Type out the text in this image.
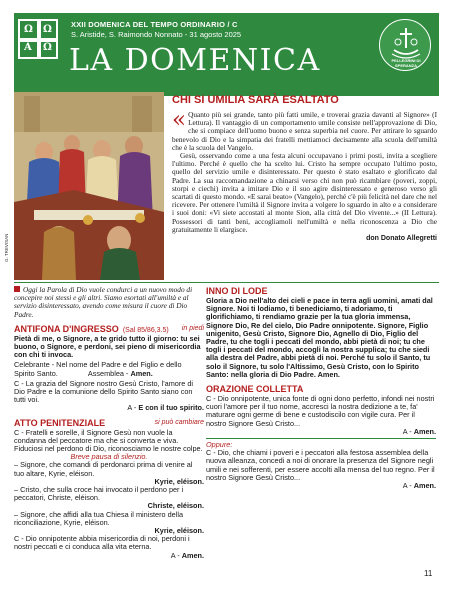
Ω Ω
A Ω
XXII DOMENICA DEL TEMPO ORDINARIO / C
S. Aristide, S. Raimondo Nonnato - 31 agosto 2025
LA DOMENICA	PELLEGRINI DI SPERANZA
G. TREVISAN
CHI SI UMILIA SARÀ ESALTATO
« Quanto più sei grande, tanto più fatti umile, e troverai grazia davanti al Signore» (I Lettura). Il vantaggio di un comportamento umile consiste nell'approvazione di Dio, che si compiace dell'uomo buono e senza superbia nel cuore. Per attirare lo sguardo benevolo di Dio e la simpatia dei fratelli mettiamoci decisamente alla scuola dell'umiltà che è la scuola del Vangelo.

Gesù, osservando come a una festa alcuni occupavano i primi posti, invita a scegliere l'ultimo. Perché è quello che ha scelto lui. Cristo ha sempre occupato l'ultimo posto, quello del servizio umile e disinteressato. Per questo è stato esaltato e glorificato dal Padre. La sua raccomandazione a chinarsi verso chi non può ricambiare (poveri, zoppi, storpi e ciechi) invita a imitare Dio e il suo agire disinteressato e generoso verso gli scartati di questo mondo. «E sarai beato» (Vangelo), perché c'è più felicità nel dare che nel ricevere. Per ottenere l'umiltà il Signore invita a volgere lo sguardo in alto e a considerare i suoi doni: «Vi siete accostati al monte Sion, alla città del Dio vivente...» (II Lettura). Possessori di tanti beni, accogliamoli nell'umiltà e nella riconoscenza a Dio che gratuitamente li elargisce.

don Donato Allegretti
Oggi la Parola di Dio vuole condurci a un nuovo modo di concepire noi stessi e gli altri. Siamo esortati all'umiltà e al servizio disinteressato, avendo come misura il cuore di Dio Padre.
ANTIFONA D'INGRESSO (Sal 85/86,3.5) in piedi
Pietà di me, o Signore, a te grido tutto il giorno: tu sei buono, o Signore, e perdoni, sei pieno di misericordia con chi ti invoca.
Celebrante - Nel nome del Padre e del Figlio e dello Spirito Santo.	Assemblea - Amen.
C - La grazia del Signore nostro Gesù Cristo, l'amore di Dio Padre e la comunione dello Spirito Santo siano con tutti voi.
A - E con il tuo spirito.
ATTO PENITENZIALE	si può cambiare
C - Fratelli e sorelle, il Signore Gesù non vuole la condanna del peccatore ma che si converta e viva. Fiduciosi nel perdono di Dio, riconosciamo le nostre colpe.
Breve pausa di silenzio.
– Signore, che comandi di perdonarci prima di venire al tuo altare, Kyrie, eléison.
Kyrie, eléison.
– Cristo, che sulla croce hai invocato il perdono per i peccatori, Christe, eléison.
Christe, eléison.
– Signore, che affidi alla tua Chiesa il ministero della riconciliazione, Kyrie, eléison.
Kyrie, eléison.
C - Dio onnipotente abbia misericordia di noi, perdoni i nostri peccati e ci conduca alla vita eterna.
A - Amen.
INNO DI LODE
Gloria a Dio nell'alto dei cieli e pace in terra agli uomini, amati dal Signore. Noi ti lodiamo, ti benediciamo, ti adoriamo, ti glorifichiamo, ti rendiamo grazie per la tua gloria immensa, Signore Dio, Re del cielo, Dio Padre onnipotente. Signore, Figlio unigenito, Gesù Cristo, Signore Dio, Agnello di Dio, Figlio del Padre, tu che togli i peccati del mondo, abbi pietà di noi; tu che togli i peccati del mondo, accogli la nostra supplica; tu che siedi alla destra del Padre, abbi pietà di noi. Perché tu solo il Santo, tu solo il Signore, tu solo l'Altissimo, Gesù Cristo, con lo Spirito Santo: nella gloria di Dio Padre. Amen.
ORAZIONE COLLETTA
C - Dio onnipotente, unica fonte di ogni dono perfetto, infondi nei nostri cuori l'amore per il tuo nome, accresci la nostra dedizione a te, fa' maturare ogni germe di bene e custodiscilo con vigile cura. Per il nostro Signore Gesù Cristo...
A - Amen.
Oppure:
C - Dio, che chiami i poveri e i peccatori alla festosa assemblea della nuova alleanza, concedi a noi di onorare la presenza del Signore negli umili e nei sofferenti, per essere accolti alla mensa del tuo regno. Per il nostro Signore Gesù Cristo...
A - Amen.
11
